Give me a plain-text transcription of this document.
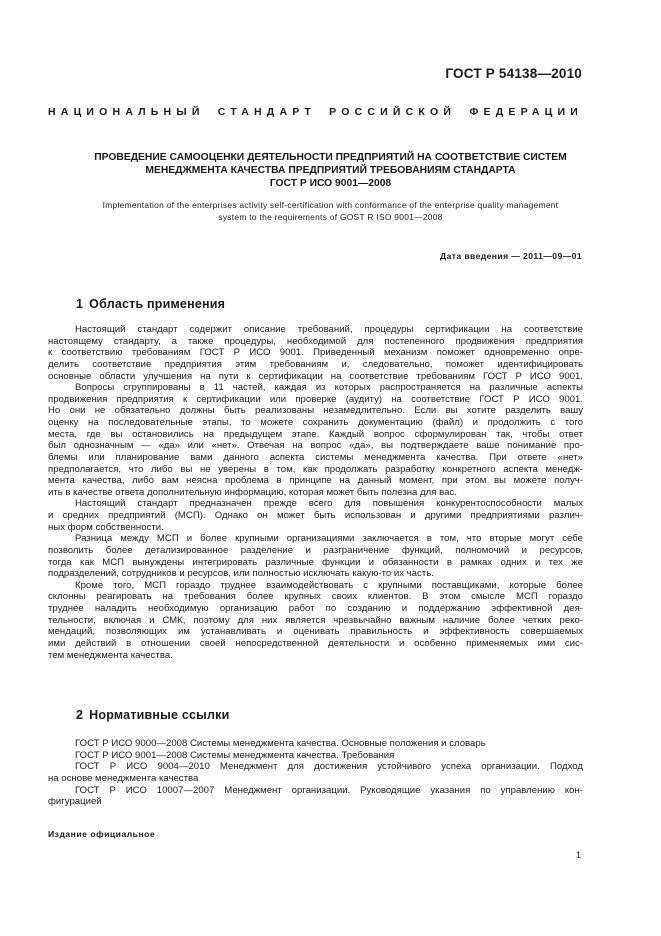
ГОСТ Р 54138—2010
НАЦИОНАЛЬНЫЙ СТАНДАРТ РОССИЙСКОЙ ФЕДЕРАЦИИ
ПРОВЕДЕНИЕ САМООЦЕНКИ ДЕЯТЕЛЬНОСТИ ПРЕДПРИЯТИЙ НА СООТВЕТСТВИЕ СИСТЕМ
МЕНЕДЖМЕНТА КАЧЕСТВА ПРЕДПРИЯТИЙ ТРЕБОВАНИЯМ СТАНДАРТА
ГОСТ Р ИСО 9001—2008
Implementation of the enterprises activity self-certification with conformance of the enterprise quality management
system to the requirements of GOST R ISO 9001—2008
Дата введения — 2011—09—01
1 Область применения
Настоящий стандарт содержит описание требований, процедуры сертификации на соответствие
настоящему стандарту, а также процедуры, необходимой для постепенного продвижения предприятия
к соответствию требованиям ГОСТ Р ИСО 9001. Приведенный механизм поможет одновременно опре-
делить соответствие предприятия этим требованиям и, следовательно, поможет идентифицировать
основные области улучшения на пути к сертификации на соответствие требованиям ГОСТ Р ИСО 9001.
Вопросы сгруппированы в 11 частей, каждая из которых распространяется на различные аспекты
продвижения предприятия к сертификации или проверке (аудиту) на соответствие ГОСТ Р ИСО 9001.
Но они не обязательно должны быть реализованы незамедлительно. Если вы хотите разделить вашу
оценку на последовательные этапы, то можете сохранить документацию (файл) и продолжить с того
места, где вы остановились на предыдущем этапе. Каждый вопрос сформулирован так, чтобы ответ
был однозначным — «да» или «нет». Отвечая на вопрос «да», вы подтверждаете ваше понимание про-
блемы или планирование вами данного аспекта системы менеджмента качества. При ответе «нет»
предполагается, что либо вы не уверены в том, как продолжать разработку конкретного аспекта менедж-
мента качества, либо вам неясна проблема в принципе на данный момент, при этом вы можете получ-
ить в качестве ответа дополнительную информацию, которая может быть полезна для вас.
Настоящий стандарт предназначен прежде всего для повышения конкурентоспособности малых
и средних предприятий (МСП). Однако он может быть использован и другими предприятиями различ-
ных форм собственности.
Разница между МСП и более крупными организациями заключается в том, что вторые могут себе
позволить более детализированное разделение и разграничение функций, полномочий и ресурсов,
тогда как МСП вынуждены интегрировать различные функции и обязанности в рамках одних и тех же
подразделений, сотрудников и ресурсов, или полностью исключать какую-то их часть.
Кроме того, МСП гораздо труднее взаимодействовать с крупными поставщиками, которые более
склонны реагировать на требования более крупных своих клиентов. В этом смысле МСП гораздо
труднее наладить необходимую организацию работ по созданию и поддержанию эффективной дея-
тельности, включая и СМК, поэтому для них является чрезвычайно важным наличие более четких реко-
мендаций, позволяющих им устанавливать и оценивать правильность и эффективность совершаемых
ими действий в отношении своей непосредственной деятельности и особенно применяемых ими сис-
тем менеджмента качества.
2 Нормативные ссылки
ГОСТ Р ИСО 9000—2008 Системы менеджмента качества. Основные положения и словарь
ГОСТ Р ИСО 9001—2008 Системы менеджмента качества. Требования
ГОСТ Р ИСО 9004—2010 Менеджмент для достижения устойчивого успеха организации. Подход
на основе менеджмента качества
ГОСТ Р ИСО 10007—2007 Менеджмент организации. Руководящие указания по управлению кон-
фигурацией
Издание официальное
1
